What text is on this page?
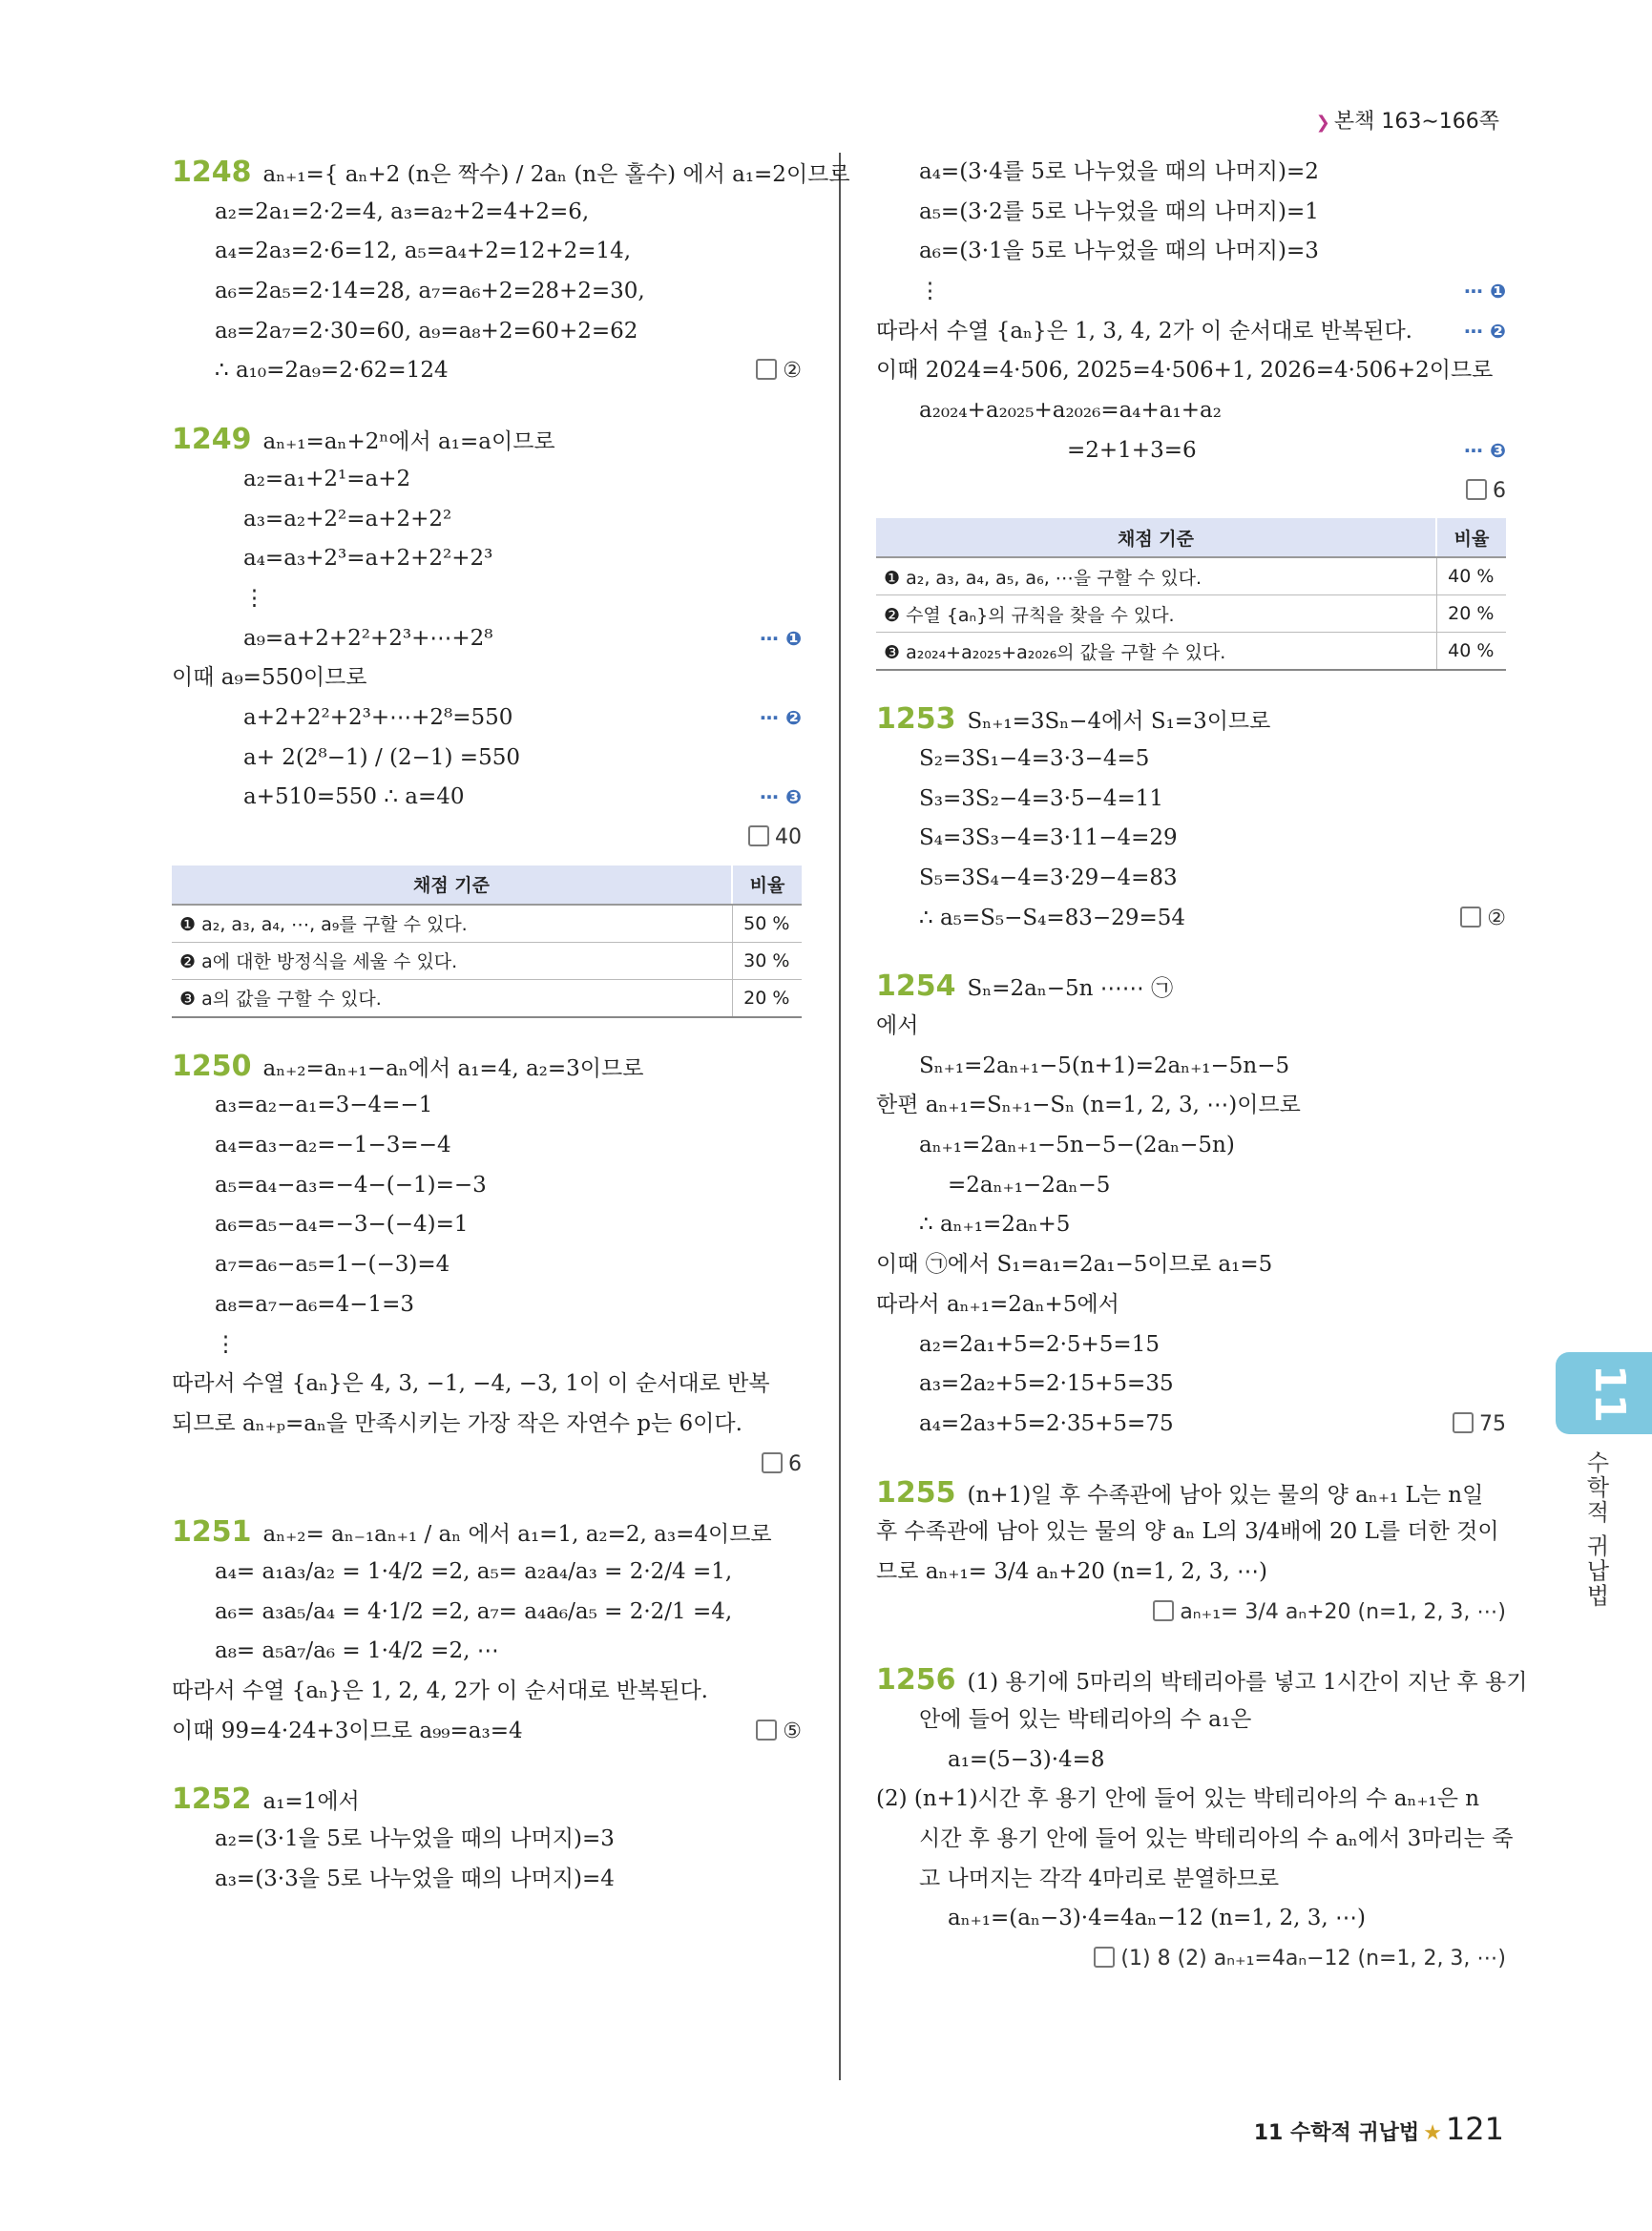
❯ 본책 163∼166쪽
1248 aₙ₊₁={ aₙ+2 (n은 짝수) / 2aₙ (n은 홀수) 에서 a₁=2이므로
a₂=2a₁=2·2=4, a₃=a₂+2=4+2=6,
a₄=2a₃=2·6=12, a₅=a₄+2=12+2=14,
a₆=2a₅=2·14=28, a₇=a₆+2=28+2=30,
a₈=2a₇=2·30=60, a₉=a₈+2=60+2=62
∴ a₁₀=2a₉=2·62=124	②
1249 aₙ₊₁=aₙ+2ⁿ에서 a₁=a이므로
a₂=a₁+2¹=a+2
a₃=a₂+2²=a+2+2²
a₄=a₃+2³=a+2+2²+2³
⋮
a₉=a+2+2²+2³+⋯+2⁸	⋯ ❶
이때 a₉=550이므로
a+2+2²+2³+⋯+2⁸=550	⋯ ❷
a+ 2(2⁸−1) / (2−1) =550
a+510=550 ∴ a=40	⋯ ❸
40
채점 기준	비율
❶ a₂, a₃, a₄, ⋯, a₉를 구할 수 있다.	50 %
❷ a에 대한 방정식을 세울 수 있다.	30 %
❸ a의 값을 구할 수 있다.	20 %
1250 aₙ₊₂=aₙ₊₁−aₙ에서 a₁=4, a₂=3이므로
a₃=a₂−a₁=3−4=−1
a₄=a₃−a₂=−1−3=−4
a₅=a₄−a₃=−4−(−1)=−3
a₆=a₅−a₄=−3−(−4)=1
a₇=a₆−a₅=1−(−3)=4
a₈=a₇−a₆=4−1=3
⋮
따라서 수열 {aₙ}은 4, 3, −1, −4, −3, 1이 이 순서대로 반복
되므로 aₙ₊ₚ=aₙ을 만족시키는 가장 작은 자연수 p는 6이다.
6
1251 aₙ₊₂= aₙ₋₁aₙ₊₁ / aₙ 에서 a₁=1, a₂=2, a₃=4이므로
a₄= a₁a₃/a₂ = 1·4/2 =2, a₅= a₂a₄/a₃ = 2·2/4 =1,
a₆= a₃a₅/a₄ = 4·1/2 =2, a₇= a₄a₆/a₅ = 2·2/1 =4,
a₈= a₅a₇/a₆ = 1·4/2 =2, ⋯
따라서 수열 {aₙ}은 1, 2, 4, 2가 이 순서대로 반복된다.
이때 99=4·24+3이므로 a₉₉=a₃=4	⑤
1252 a₁=1에서
a₂=(3·1을 5로 나누었을 때의 나머지)=3
a₃=(3·3을 5로 나누었을 때의 나머지)=4
a₄=(3·4를 5로 나누었을 때의 나머지)=2
a₅=(3·2를 5로 나누었을 때의 나머지)=1
a₆=(3·1을 5로 나누었을 때의 나머지)=3
⋮	⋯ ❶
따라서 수열 {aₙ}은 1, 3, 4, 2가 이 순서대로 반복된다.	⋯ ❷
이때 2024=4·506, 2025=4·506+1, 2026=4·506+2이므로
a₂₀₂₄+a₂₀₂₅+a₂₀₂₆=a₄+a₁+a₂
=2+1+3=6	⋯ ❸
6
채점 기준	비율
❶ a₂, a₃, a₄, a₅, a₆, ⋯을 구할 수 있다.	40 %
❷ 수열 {aₙ}의 규칙을 찾을 수 있다.	20 %
❸ a₂₀₂₄+a₂₀₂₅+a₂₀₂₆의 값을 구할 수 있다.	40 %
1253 Sₙ₊₁=3Sₙ−4에서 S₁=3이므로
S₂=3S₁−4=3·3−4=5
S₃=3S₂−4=3·5−4=11
S₄=3S₃−4=3·11−4=29
S₅=3S₄−4=3·29−4=83
∴ a₅=S₅−S₄=83−29=54	②
1254 Sₙ=2aₙ−5n ⋯⋯ ㉠
에서
Sₙ₊₁=2aₙ₊₁−5(n+1)=2aₙ₊₁−5n−5
한편 aₙ₊₁=Sₙ₊₁−Sₙ (n=1, 2, 3, ⋯)이므로
aₙ₊₁=2aₙ₊₁−5n−5−(2aₙ−5n)
=2aₙ₊₁−2aₙ−5
∴ aₙ₊₁=2aₙ+5
이때 ㉠에서 S₁=a₁=2a₁−5이므로 a₁=5
따라서 aₙ₊₁=2aₙ+5에서
a₂=2a₁+5=2·5+5=15
a₃=2a₂+5=2·15+5=35
a₄=2a₃+5=2·35+5=75	75
1255 (n+1)일 후 수족관에 남아 있는 물의 양 aₙ₊₁ L는 n일
후 수족관에 남아 있는 물의 양 aₙ L의 3/4배에 20 L를 더한 것이
므로 aₙ₊₁= 3/4 aₙ+20 (n=1, 2, 3, ⋯)
aₙ₊₁= 3/4 aₙ+20 (n=1, 2, 3, ⋯)
1256 (1) 용기에 5마리의 박테리아를 넣고 1시간이 지난 후 용기
안에 들어 있는 박테리아의 수 a₁은
a₁=(5−3)·4=8
(2) (n+1)시간 후 용기 안에 들어 있는 박테리아의 수 aₙ₊₁은 n
시간 후 용기 안에 들어 있는 박테리아의 수 aₙ에서 3마리는 죽
고 나머지는 각각 4마리로 분열하므로
aₙ₊₁=(aₙ−3)·4=4aₙ−12 (n=1, 2, 3, ⋯)
(1) 8 (2) aₙ₊₁=4aₙ−12 (n=1, 2, 3, ⋯)
11
수학적 귀납법
11 수학적 귀납법 ★ 121
